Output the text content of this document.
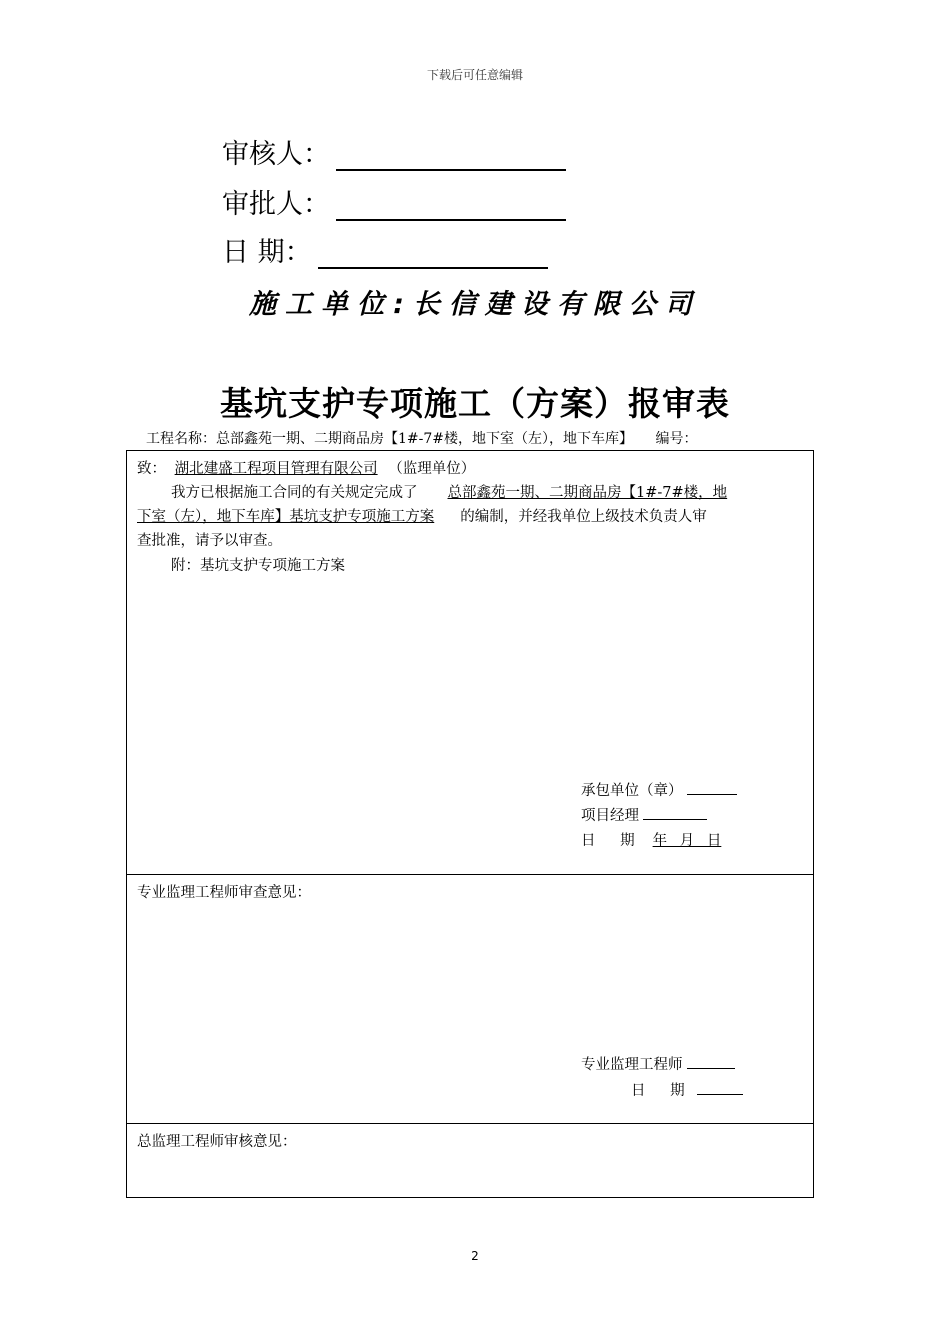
下载后可任意编辑
审核人：
审批人：
日 期：
施工单位:长信建设有限公司
基坑支护专项施工（方案）报审表
工程名称：总部鑫苑一期、二期商品房【1#-7#楼，地下室（左），地下车库】 编号：
致： 湖北建盛工程项目管理有限公司 （监理单位）
我方已根据施工合同的有关规定完成了 总部鑫苑一期、二期商品房【1#-7#楼，地
下室（左），地下车库】基坑支护专项施工方案 的编制，并经我单位上级技术负责人审
查批准，请予以审查。
附：基坑支护专项施工方案
承包单位（章）
项目经理
日 期 年 月 日
专业监理工程师审查意见：
专业监理工程师
日 期
总监理工程师审核意见：
2
